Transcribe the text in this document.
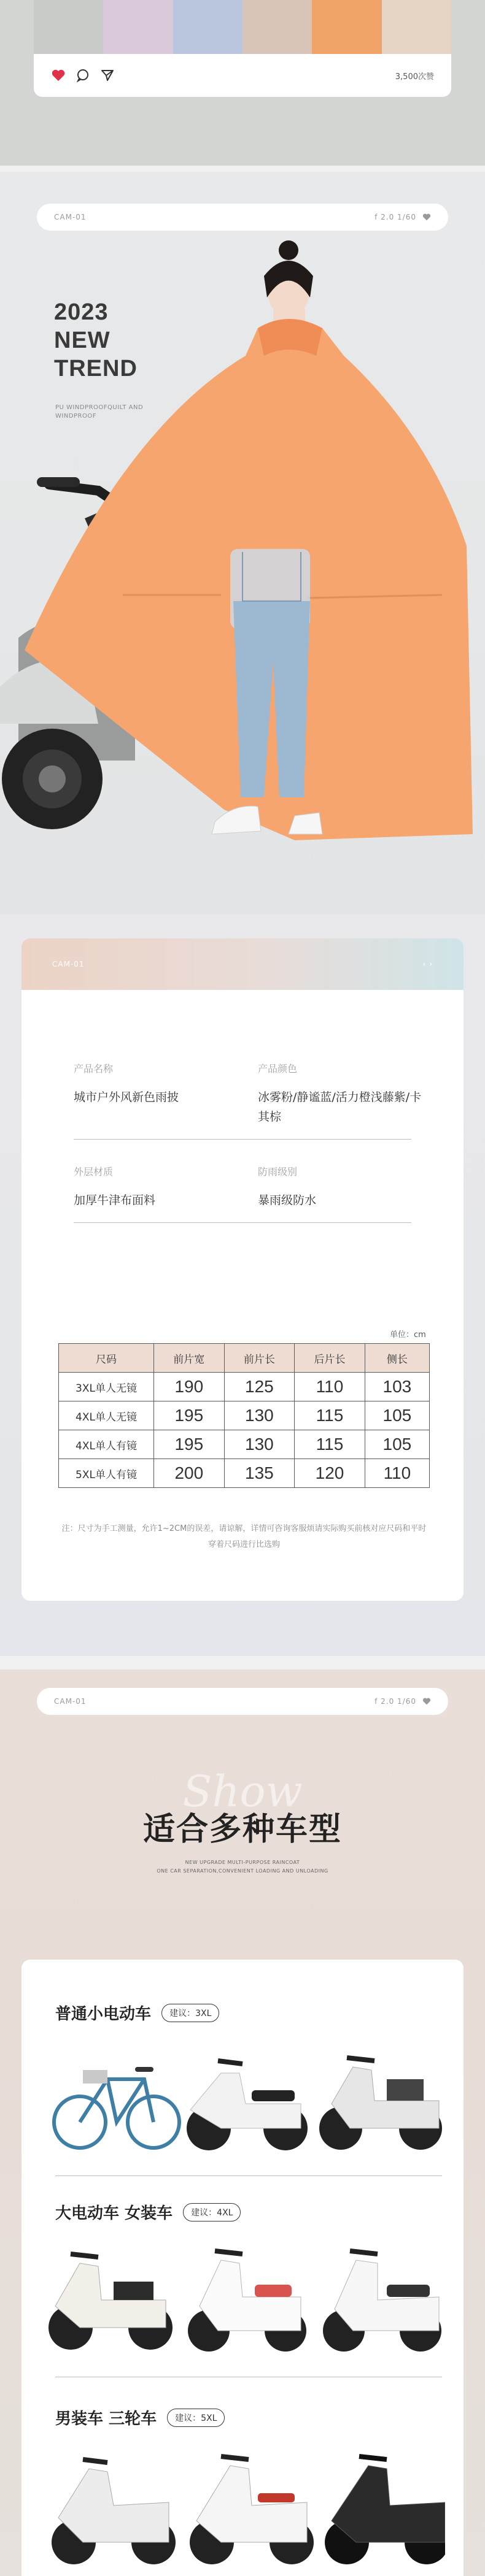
3,500次赞
CAM-01	f 2.0 1/60
2023
NEW
TREND
PU WINDPROOFQUILT AND WINDPROOF
CAM-01	‹ ›
产品名称
城市户外风新色雨披
产品颜色
冰雾粉/静谧蓝/活力橙浅藤紫/卡其棕
外层材质
加厚牛津布面料
防雨级别
暴雨级防水
单位：cm
尺码	前片宽	前片长	后片长	侧长
3XL单人无镜	190	125	110	103
4XL单人无镜	195	130	115	105
4XL单人有镜	195	130	115	105
5XL单人有镜	200	135	120	110
注：尺寸为手工测量，允许1~2CM的误差，请谅解，详情可咨询客服烦请实际购买前核对应尺码和平时穿着尺码进行比选购
CAM-01	f 2.0 1/60
Show
适合多种车型
NEW UPGRADE MULTI-PURPOSE RAINCOAT
ONE CAR SEPARATION,CONVENIENT LOADING AND UNLOADING
普通小电动车 建议：3XL
大电动车 女装车 建议：4XL
男装车 三轮车 建议：5XL
